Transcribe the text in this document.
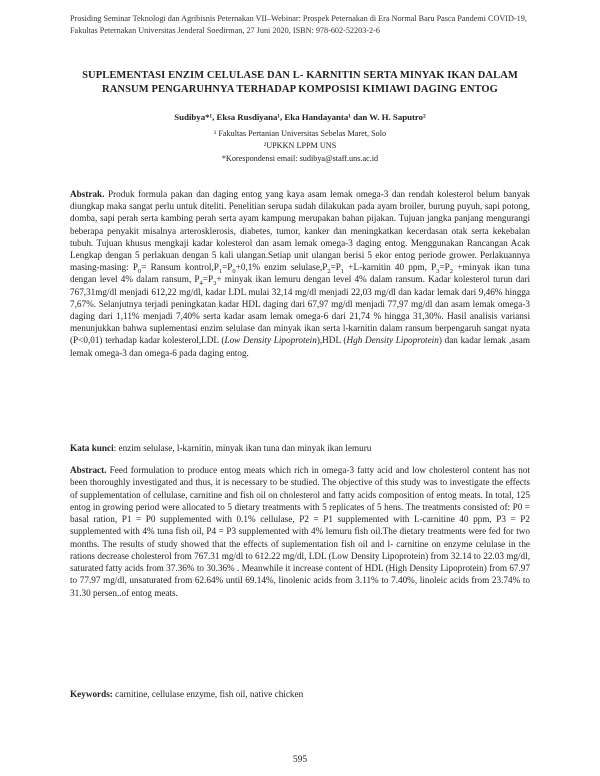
Prosiding Seminar Teknologi dan Agribisnis Peternakan VII–Webinar: Prospek Peternakan di Era Normal Baru Pasca Pandemi COVID-19, Fakultas Peternakan Universitas Jenderal Soedirman, 27 Juni 2020, ISBN: 978-602-52203-2-6
SUPLEMENTASI ENZIM CELULASE DAN L- KARNITIN SERTA MINYAK IKAN DALAM RANSUM PENGARUHNYA TERHADAP KOMPOSISI KIMIAWI DAGING ENTOG
Sudibya*¹, Eksa Rusdiyana¹, Eka Handayanta¹ dan W. H. Saputro²
¹ Fakultas Pertanian Universitas Sebelas Maret, Solo
²UPKKN LPPM UNS
*Korespondensi email: sudibya@staff.uns.ac.id
Abstrak. Produk formula pakan dan daging entog yang kaya asam lemak omega-3 dan rendah kolesterol belum banyak diungkap maka sangat perlu untuk diteliti. Penelitian serupa sudah dilakukan pada ayam broiler, burung puyuh, sapi potong, domba, sapi perah serta kambing perah serta ayam kampung merupakan bahan pijakan. Tujuan jangka panjang mengurangi beberapa penyakit misalnya arterosklerosis, diabetes, tumor, kanker dan meningkatkan kecerdasan otak serta kekebalan tubuh. Tujuan khusus mengkaji kadar kolesterol dan asam lemak omega-3 daging entog. Menggunakan Rancangan Acak Lengkap dengan 5 perlakuan dengan 5 kali ulangan.Setiap unit ulangan berisi 5 ekor entog periode grower. Perlakuannya masing-masing: $P_0=$ Ransum $kontrol,P_1=P_0+0,1\%$ enzim $selulase,P_2=P_1$ +L-karnitin 40 ppm, $P_3=P_2$ +minyak ikan tuna dengan level 4% dalam ransum, $P_4=P_3+$ minyak ikan lemuru dengan level 4% dalam ransum. Kadar kolesterol turun dari 767,31mg/dl menjadi 612,22 mg/dl, kadar LDL mulai 32,14 mg/dl menjadi 22,03 mg/dl dan kadar lemak dari 9,46% hingga 7,67%. Selanjutnya terjadi peningkatan kadar HDL daging dari 67,97 mg/dl menjadi 77,97 mg/dl dan asam lemak omega-3 daging dari 1,11% menjadi 7,40% serta kadar asam lemak omega-6 dari 21,74 % hingga 31,30%. Hasil analisis variansi menunjukkan bahwa suplementasi enzim selulase dan minyak ikan serta l-karnitin dalam ransum berpengaruh sangat nyata (P<0,01) terhadap kadar kolesterol,LDL (Low Density Lipoprotein),HDL (Hgh Density Lipoprotein) dan kadar lemak ,asam lemak omega-3 dan omega-6 pada daging entog.
Kata kunci: enzim selulase, l-karnitin, minyak ikan tuna dan minyak ikan lemuru
Abstract. Feed formulation to produce entog meats which rich in omega-3 fatty acid and low cholesterol content has not been thoroughly investigated and thus, it is necessary to be studied. The objective of this study was to investigate the effects of supplementation of cellulase, carnitine and fish oil on cholesterol and fatty acids composition of entog meats. In total, 125 entog in growing period were allocated to 5 dietary treatments with 5 replicates of 5 hens. The treatments consisted of: P0 = basal ration, P1 = P0 supplemented with 0.1% cellulase, P2 = P1 supplemented with L-carnitine 40 ppm, P3 = P2 supplemented with 4% tuna fish oil, P4 = P3 supplemented with 4% lemuru fish oil.The dietary treatments were fed for two months. The results of study showed that the effects of suplementation fish oil and l- carnitine on enzyme celulase in the rations decrease cholesterol from 767.31 mg/dl to 612.22 mg/dl, LDL (Low Density Lipoprotein) from 32.14 to 22.03 mg/dl, saturated fatty acids from 37.36% to 30.36% . Meanwhile it increase content of HDL (High Density Lipoprotein) from 67.97 to 77.97 mg/dl, unsaturated from 62.64% until 69.14%, linolenic acids from 3.11% to 7.40%, linoleic acids from 23.74% to 31.30 persen..of entog meats.
Keywords: carnitine, cellulase enzyme, fish oil, native chicken
595
